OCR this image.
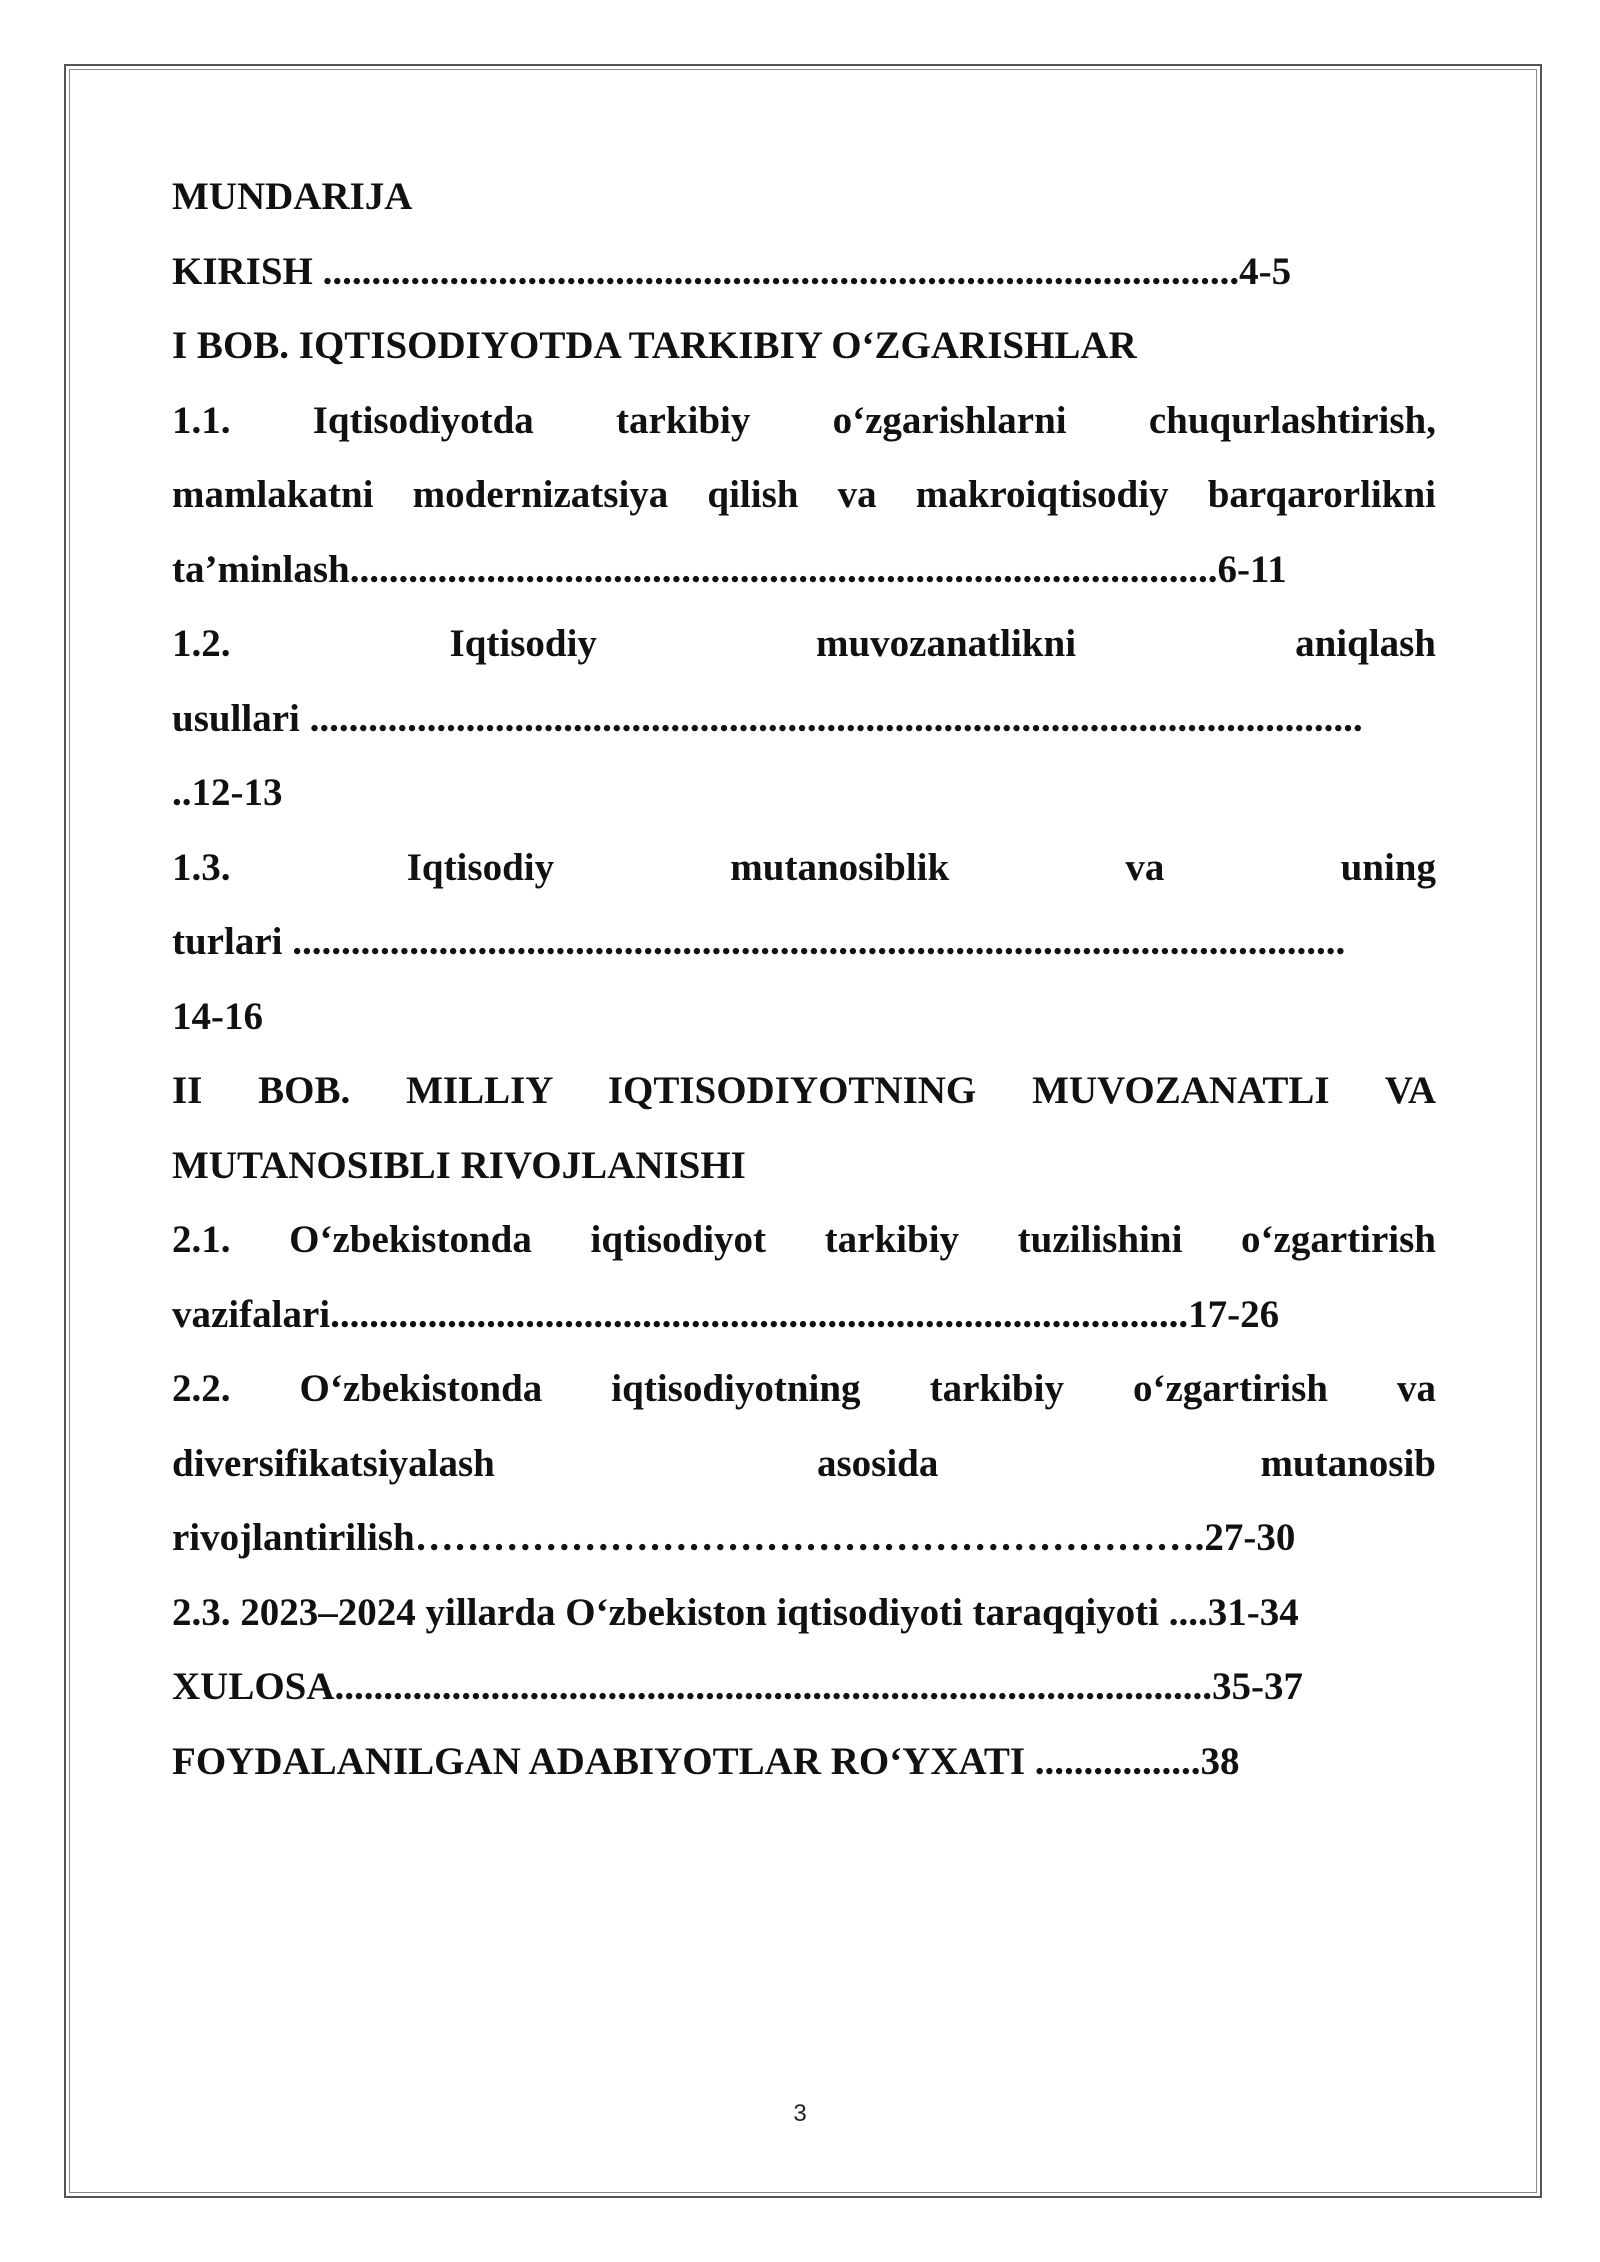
MUNDARIJA
KIRISH ..............................................................................................4-5
I BOB. IQTISODIYOTDA TARKIBIY O‘ZGARISHLAR
1.1. Iqtisodiyotda tarkibiy o‘zgarishlarni chuqurlashtirish,
mamlakatni modernizatsiya qilish va makroiqtisodiy barqarorlikni
ta’minlash.........................................................................................6-11
1.2. Iqtisodiy muvozanatlikni aniqlash
usullari ............................................................................................................
..12-13
1.3. Iqtisodiy mutanosiblik va uning
turlari ............................................................................................................
14-16
II BOB. MILLIY IQTISODIYOTNING MUVOZANATLI VA
MUTANOSIBLI RIVOJLANISHI
2.1. O‘zbekistonda iqtisodiyot tarkibiy tuzilishini o‘zgartirish
vazifalari........................................................................................17-26
2.2. O‘zbekistonda iqtisodiyotning tarkibiy o‘zgartirish va
diversifikatsiyalash asosida mutanosib
rivojlantirilish…………………………………………………….27-30
2.3. 2023–2024 yillarda O‘zbekiston iqtisodiyoti taraqqiyoti ....31-34
XULOSA..........................................................................................35-37
FOYDALANILGAN ADABIYOTLAR RO‘YXATI .................38
3
